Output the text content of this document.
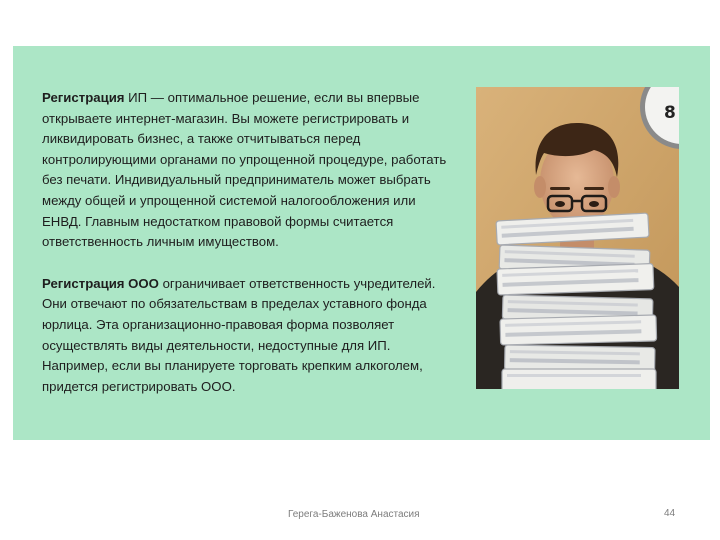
Регистрация ИП — оптимальное решение, если вы впервые открываете интернет-магазин. Вы можете регистрировать и ликвидировать бизнес, а также отчитываться перед контролирующими органами по упрощенной процедуре, работать без печати. Индивидуальный предприниматель может выбрать между общей и упрощенной системой налогообложения или ЕНВД. Главным недостатком правовой формы считается ответственность личным имуществом.

Регистрация ООО ограничивает ответственность учредителей. Они отвечают по обязательствам в пределах уставного фонда юрлица. Эта организационно-правовая форма позволяет осуществлять виды деятельности, недоступные для ИП. Например, если вы планируете торговать крепким алкоголем, придется регистрировать ООО.

8
Герега-Баженова Анастасия	44
